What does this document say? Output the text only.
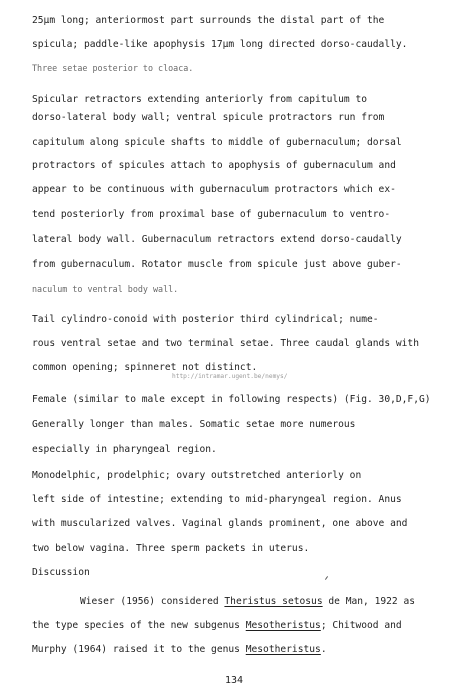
25μm long; anteriormost part surrounds the distal part of the
spicula; paddle-like apophysis 17μm long directed dorso-caudally.
Three setae posterior to cloaca.
Spicular retractors extending anteriorly from capitulum to
dorso-lateral body wall; ventral spicule protractors run from
capitulum along spicule shafts to middle of gubernaculum; dorsal
protractors of spicules attach to apophysis of gubernaculum and
appear to be continuous with gubernaculum protractors which ex-
tend posteriorly from proximal base of gubernaculum to ventro-
lateral body wall. Gubernaculum retractors extend dorso-caudally
from gubernaculum. Rotator muscle from spicule just above guber-
naculum to ventral body wall.
Tail cylindro-conoid with posterior third cylindrical; nume-
rous ventral setae and two terminal setae. Three caudal glands with
common opening; spinneret not distinct.
http://intramar.ugent.be/nemys/
Female (similar to male except in following respects) (Fig. 30,D,F,G)
Generally longer than males. Somatic setae more numerous
especially in pharyngeal region.
Monodelphic, prodelphic; ovary outstretched anteriorly on
left side of intestine; extending to mid-pharyngeal region. Anus
with muscularized valves. Vaginal glands prominent, one above and
two below vagina. Three sperm packets in uterus.
Discussion
Wieser (1956) considered Theristus setosus de Man, 1922 as
the type species of the new subgenus Mesotheristus; Chitwood and
Murphy (1964) raised it to the genus Mesotheristus.
134
